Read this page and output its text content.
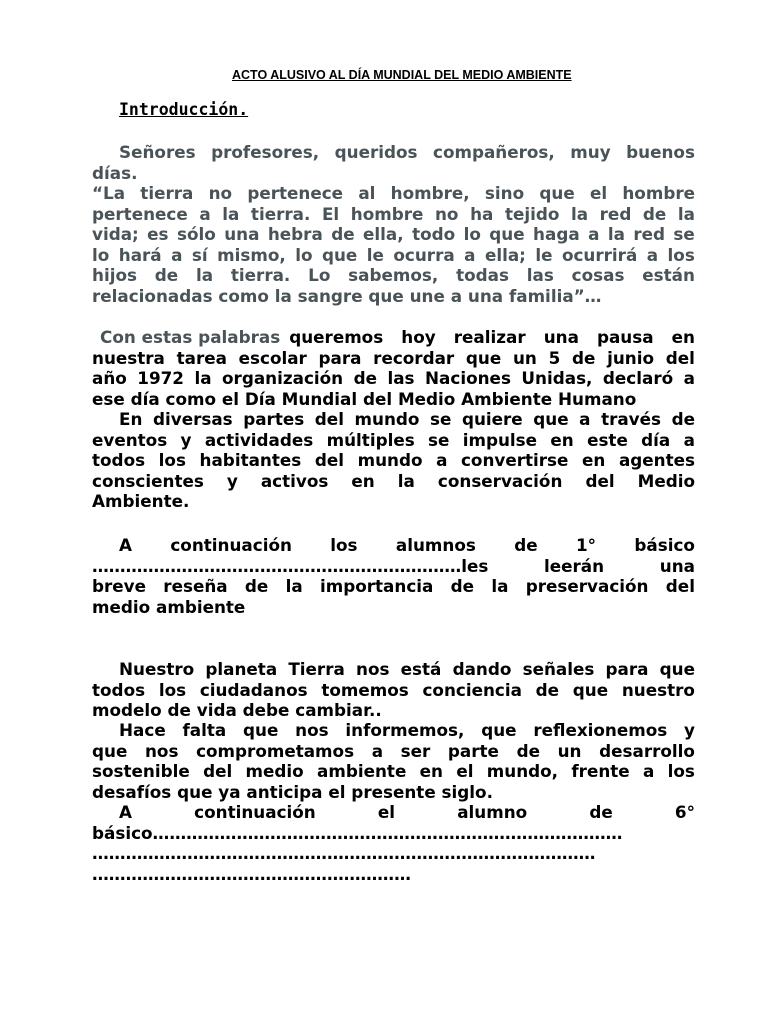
ACTO ALUSIVO AL DÍA MUNDIAL DEL MEDIO AMBIENTE
Introducción.
Señores profesores, queridos compañeros, muy buenos
días.
“La tierra no pertenece al hombre, sino que el hombre
pertenece a la tierra. El hombre no ha tejido la red de la
vida; es sólo una hebra de ella, todo lo que haga a la red se
lo hará a sí mismo, lo que le ocurra a ella; le ocurrirá a los
hijos de la tierra. Lo sabemos, todas las cosas están
relacionadas como la sangre que une a una familia”…
Con estas palabras queremos hoy realizar una pausa en
nuestra tarea escolar para recordar que un 5 de junio del
año 1972 la organización de las Naciones Unidas, declaró a
ese día como el Día Mundial del Medio Ambiente Humano
En diversas partes del mundo se quiere que a través de
eventos y actividades múltiples se impulse en este día a
todos los habitantes del mundo a convertirse en agentes
conscientes y activos en la conservación del Medio
Ambiente.
A continuación los alumnos de 1° básico
…………………………………………………………les	leerán	una
breve reseña de la importancia de la preservación del
medio ambiente
Nuestro planeta Tierra nos está dando señales para que
todos los ciudadanos tomemos conciencia de que nuestro
modelo de vida debe cambiar..
Hace falta que nos informemos, que reflexionemos y
que nos comprometamos a ser parte de un desarrollo
sostenible del medio ambiente en el mundo, frente a los
desafíos que ya anticipa el presente siglo.
A	continuación	el	alumno	de	6°
básico…………………………………………………………………………
………………………………………………………………………………
…………………………………………………
